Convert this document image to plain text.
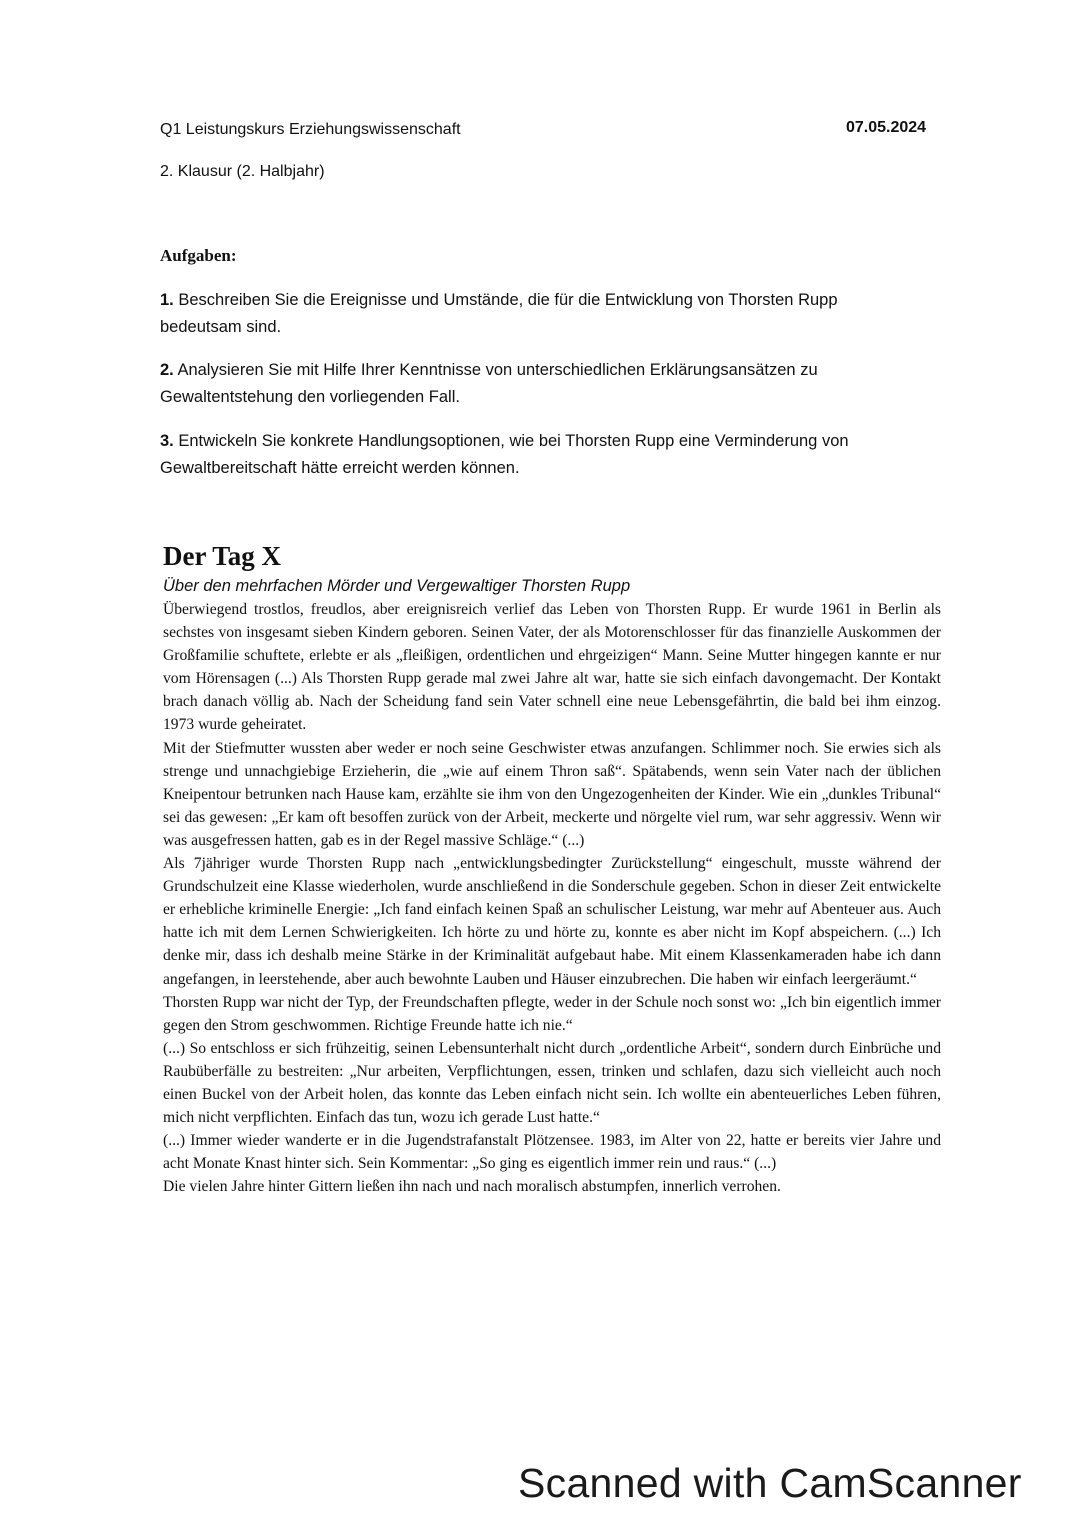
Q1 Leistungskurs Erziehungswissenschaft	07.05.2024
2. Klausur (2. Halbjahr)
Aufgaben:
1. Beschreiben Sie die Ereignisse und Umstände, die für die Entwicklung von Thorsten Rupp bedeutsam sind.
2. Analysieren Sie mit Hilfe Ihrer Kenntnisse von unterschiedlichen Erklärungsansätzen zu Gewaltentstehung den vorliegenden Fall.
3. Entwickeln Sie konkrete Handlungsoptionen, wie bei Thorsten Rupp eine Verminderung von Gewaltbereitschaft hätte erreicht werden können.
Der Tag X
Über den mehrfachen Mörder und Vergewaltiger Thorsten Rupp

Überwiegend trostlos, freudlos, aber ereignisreich verlief das Leben von Thorsten Rupp. Er wurde 1961 in Berlin als sechstes von insgesamt sieben Kindern geboren. Seinen Vater, der als Motorenschlosser für das finanzielle Auskommen der Großfamilie schuftete, erlebte er als „fleißigen, ordentlichen und ehrgeizigen“ Mann. Seine Mutter hingegen kannte er nur vom Hörensagen (...) Als Thorsten Rupp gerade mal zwei Jahre alt war, hatte sie sich einfach davongemacht. Der Kontakt brach danach völlig ab. Nach der Scheidung fand sein Vater schnell eine neue Lebensgefährtin, die bald bei ihm einzog. 1973 wurde geheiratet.

Mit der Stiefmutter wussten aber weder er noch seine Geschwister etwas anzufangen. Schlimmer noch. Sie erwies sich als strenge und unnachgiebige Erzieherin, die „wie auf einem Thron saß“. Spätabends, wenn sein Vater nach der üblichen Kneipentour betrunken nach Hause kam, erzählte sie ihm von den Ungezogenheiten der Kinder. Wie ein „dunkles Tribunal“ sei das gewesen: „Er kam oft besoffen zurück von der Arbeit, meckerte und nörgelte viel rum, war sehr aggressiv. Wenn wir was ausgefressen hatten, gab es in der Regel massive Schläge.“ (...)

Als 7jähriger wurde Thorsten Rupp nach „entwicklungsbedingter Zurückstellung“ eingeschult, musste während der Grundschulzeit eine Klasse wiederholen, wurde anschließend in die Sonderschule gegeben. Schon in dieser Zeit entwickelte er erhebliche kriminelle Energie: „Ich fand einfach keinen Spaß an schulischer Leistung, war mehr auf Abenteuer aus. Auch hatte ich mit dem Lernen Schwierigkeiten. Ich hörte zu und hörte zu, konnte es aber nicht im Kopf abspeichern. (...) Ich denke mir, dass ich deshalb meine Stärke in der Kriminalität aufgebaut habe. Mit einem Klassenkameraden habe ich dann angefangen, in leerstehende, aber auch bewohnte Lauben und Häuser einzubrechen. Die haben wir einfach leergeräumt.“

Thorsten Rupp war nicht der Typ, der Freundschaften pflegte, weder in der Schule noch sonst wo: „Ich bin eigentlich immer gegen den Strom geschwommen. Richtige Freunde hatte ich nie.“

(...) So entschloss er sich frühzeitig, seinen Lebensunterhalt nicht durch „ordentliche Arbeit“, sondern durch Einbrüche und Raubüberfälle zu bestreiten: „Nur arbeiten, Verpflichtungen, essen, trinken und schlafen, dazu sich vielleicht auch noch einen Buckel von der Arbeit holen, das konnte das Leben einfach nicht sein. Ich wollte ein abenteuerliches Leben führen, mich nicht verpflichten. Einfach das tun, wozu ich gerade Lust hatte.“

(...) Immer wieder wanderte er in die Jugendstrafanstalt Plötzensee. 1983, im Alter von 22, hatte er bereits vier Jahre und acht Monate Knast hinter sich. Sein Kommentar: „So ging es eigentlich immer rein und raus.“ (...)

Die vielen Jahre hinter Gittern ließen ihn nach und nach moralisch abstumpfen, innerlich verrohen.

Scanned with CamScanner
